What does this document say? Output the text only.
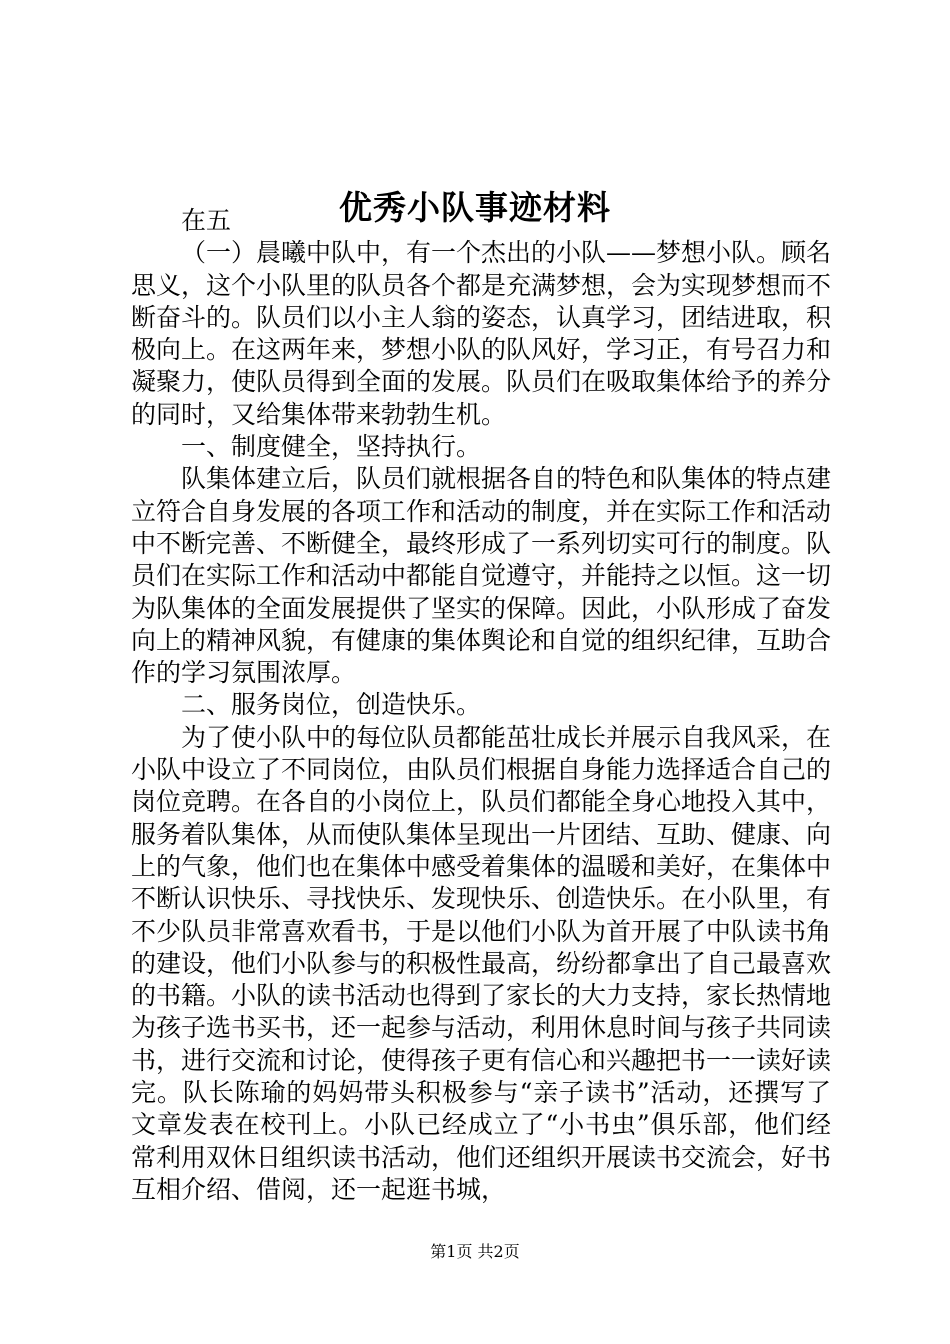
优秀小队事迹材料

在五

（一）晨曦中队中，有一个杰出的小队——梦想小队。顾名思义，这个小队里的队员各个都是充满梦想，会为实现梦想而不断奋斗的。队员们以小主人翁的姿态，认真学习，团结进取，积极向上。在这两年来，梦想小队的队风好，学习正，有号召力和凝聚力，使队员得到全面的发展。队员们在吸取集体给予的养分的同时，又给集体带来勃勃生机。

一、制度健全，坚持执行。

队集体建立后，队员们就根据各自的特色和队集体的特点建立符合自身发展的各项工作和活动的制度，并在实际工作和活动中不断完善、不断健全，最终形成了一系列切实可行的制度。队员们在实际工作和活动中都能自觉遵守，并能持之以恒。这一切为队集体的全面发展提供了坚实的保障。因此，小队形成了奋发向上的精神风貌，有健康的集体舆论和自觉的组织纪律，互助合作的学习氛围浓厚。

二、服务岗位，创造快乐。

为了使小队中的每位队员都能茁壮成长并展示自我风采，在小队中设立了不同岗位，由队员们根据自身能力选择适合自己的岗位竞聘。在各自的小岗位上，队员们都能全身心地投入其中，服务着队集体，从而使队集体呈现出一片团结、互助、健康、向上的气象，他们也在集体中感受着集体的温暖和美好，在集体中不断认识快乐、寻找快乐、发现快乐、创造快乐。在小队里，有不少队员非常喜欢看书，于是以他们小队为首开展了中队读书角的建设，他们小队参与的积极性最高，纷纷都拿出了自己最喜欢的书籍。小队的读书活动也得到了家长的大力支持，家长热情地为孩子选书买书，还一起参与活动，利用休息时间与孩子共同读书，进行交流和讨论，使得孩子更有信心和兴趣把书一一读好读完。队长陈瑜的妈妈带头积极参与“亲子读书”活动，还撰写了文章发表在校刊上。小队已经成立了“小书虫”俱乐部，他们经常利用双休日组织读书活动，他们还组织开展读书交流会，好书互相介绍、借阅，还一起逛书城，

第1页 共2页
